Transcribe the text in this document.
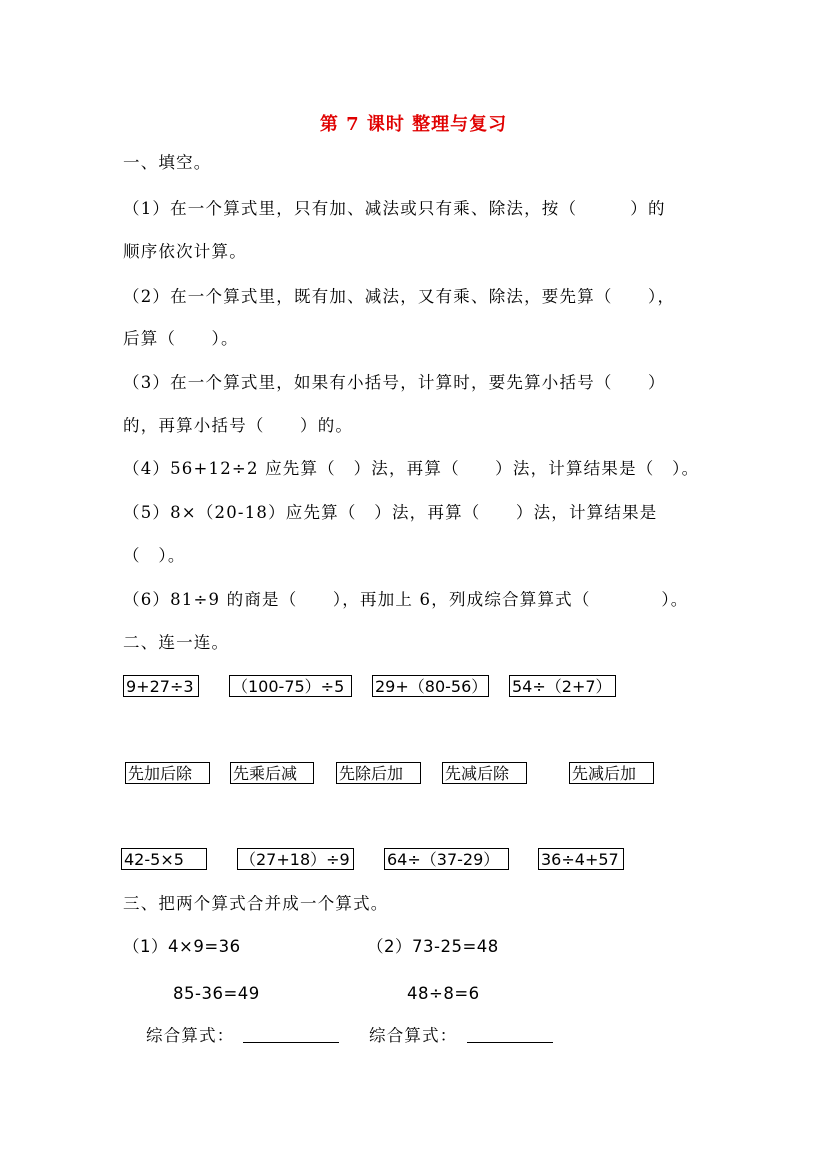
第 7 课时 整理与复习
一、填空。
（1）在一个算式里，只有加、减法或只有乘、除法，按（　　　）的
顺序依次计算。
（2）在一个算式里，既有加、减法，又有乘、除法，要先算（　　），
后算（　　）。
（3）在一个算式里，如果有小括号，计算时，要先算小括号（　　）
的，再算小括号（　　）的。
（4）56+12÷2 应先算（　）法，再算（　　）法，计算结果是（　）。
（5）8×（20-18）应先算（　）法，再算（　　）法，计算结果是
（　）。
（6）81÷9 的商是（　　），再加上 6，列成综合算算式（　　　　）。
二、连一连。
9+27÷3	（100-75）÷5	29+（80-56） 54÷（2+7）
先加后除	先乘后减	先除后加	先减后除	先减后加
42-5×5	（27+18）÷9 64÷（37-29）	36÷4+57
三、把两个算式合并成一个算式。
（1）4×9=36	（2）73-25=48
85-36=49	48÷8=6
综合算式：	综合算式：
